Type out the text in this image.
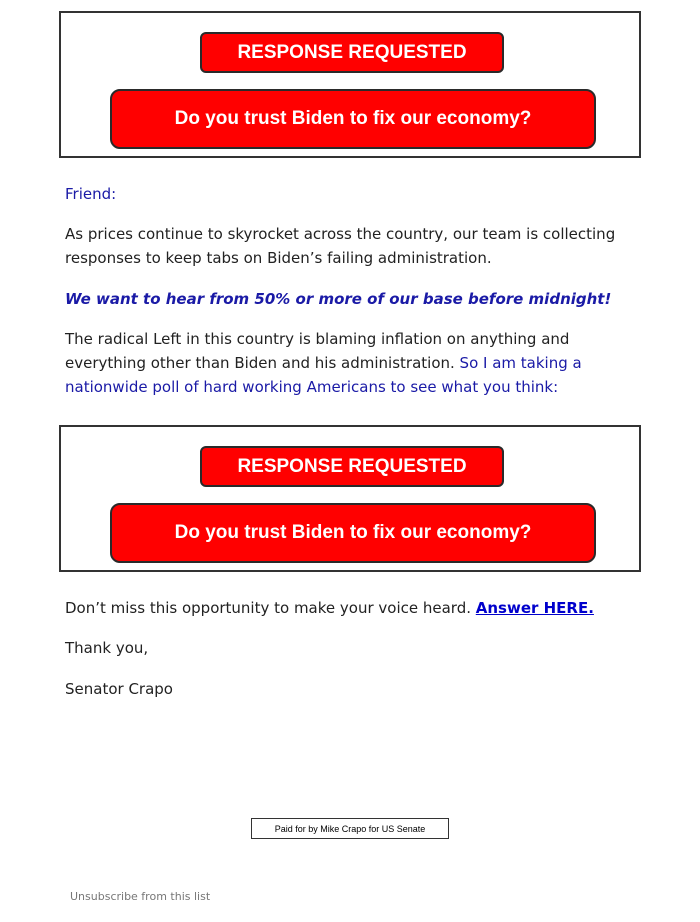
RESPONSE REQUESTED
Do you trust Biden to fix our economy?

Friend:

As prices continue to skyrocket across the country, our team is collecting responses to keep tabs on Biden’s failing administration.

We want to hear from 50% or more of our base before midnight!

The radical Left in this country is blaming inflation on anything and everything other than Biden and his administration. So I am taking a nationwide poll of hard working Americans to see what you think:

RESPONSE REQUESTED
Do you trust Biden to fix our economy?

Don’t miss this opportunity to make your voice heard. Answer HERE.

Thank you,

Senator Crapo

Paid for by Mike Crapo for US Senate
Unsubscribe from this list
